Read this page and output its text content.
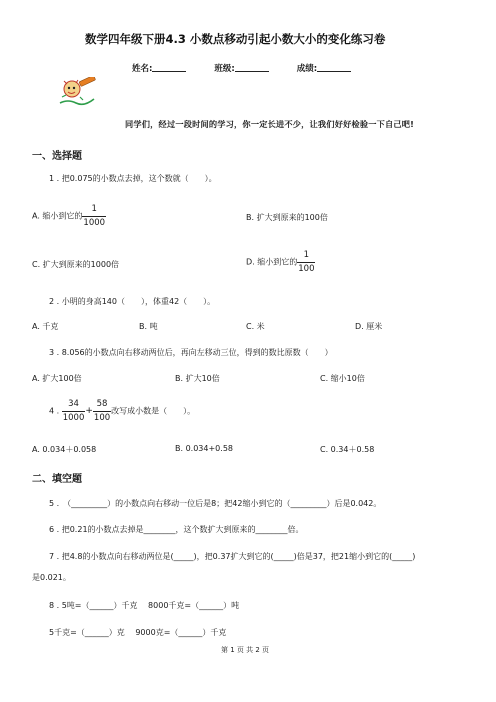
数学四年级下册4.3 小数点移动引起小数大小的变化练习卷
姓名:	班级:	成绩:
同学们，经过一段时间的学习，你一定长进不少，让我们好好检验一下自己吧!
一、选择题
1 . 把0.075的小数点去掉，这个数就（　　）。
A. 缩小到它的 $\frac{1}{1000}$	B. 扩大到原来的100倍
C. 扩大到原来的1000倍	D. 缩小到它的 $\frac{1}{100}$
2 . 小明的身高140（　　），体重42（　　）。
A. 千克	B. 吨	C. 米	D. 厘米
3 . 8.056的小数点向右移动两位后，再向左移动三位，得到的数比原数（　　）
A. 扩大100倍	B. 扩大10倍	C. 缩小10倍
4 . $\frac{34}{1000} + \frac{58}{100}$ 改写成小数是（　　）。
A. 0.034＋0.058	B. 0.034+0.58	C. 0.34＋0.58
二、填空题
5 .　（_________）的小数点向右移动一位后是8；把42缩小到它的（_________）后是0.042。
6 . 把0.21的小数点去掉是________，这个数扩大到原来的________倍。
7 . 把4.8的小数点向右移动两位是(_____)，把0.37扩大到它的(_____)倍是37，把21缩小到它的(_____)
是0.021。
8 . 5吨=（______）千克　 8000千克=（______）吨
5千克=（______）克　 9000克=（______）千克
第 1 页 共 2 页
